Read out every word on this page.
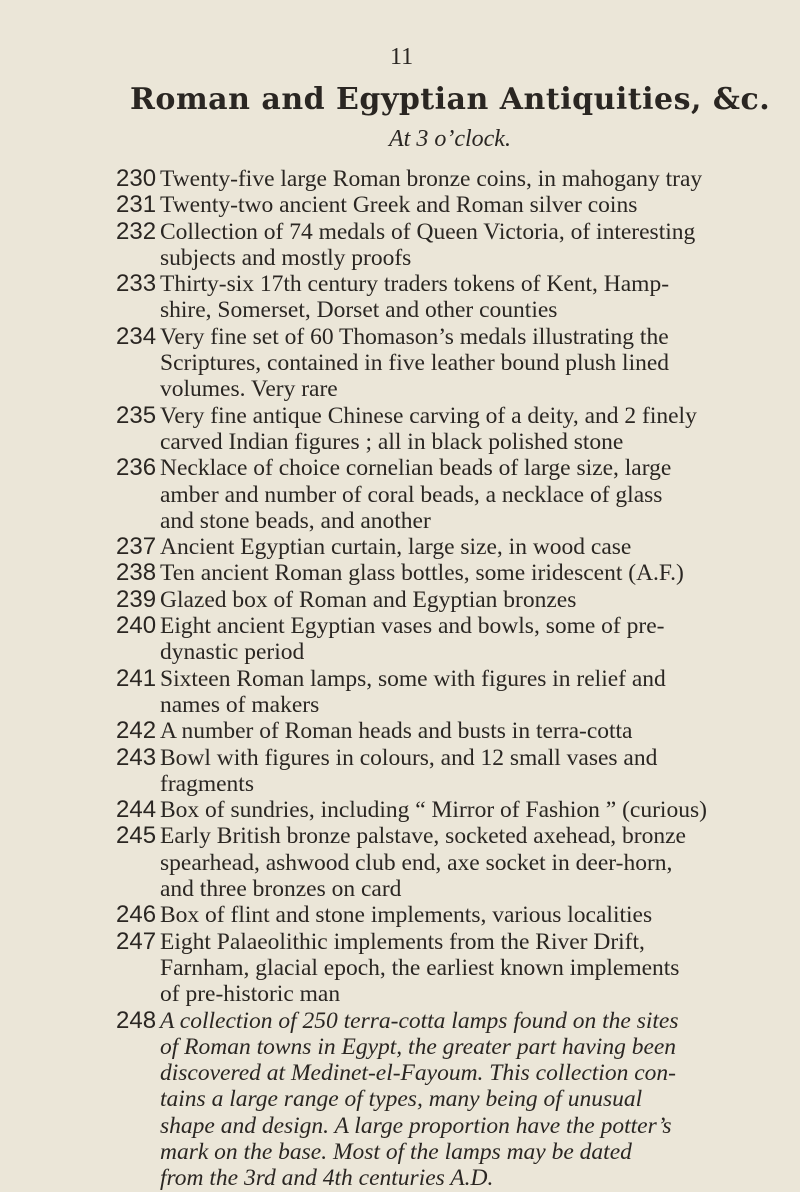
11
Roman and Egyptian Antiquities, &c.
At 3 o’clock.
230 Twenty-five large Roman bronze coins, in mahogany tray
231 Twenty-two ancient Greek and Roman silver coins
232 Collection of 74 medals of Queen Victoria, of interesting
subjects and mostly proofs
233 Thirty-six 17th century traders tokens of Kent, Hamp-
shire, Somerset, Dorset and other counties
234 Very fine set of 60 Thomason’s medals illustrating the
Scriptures, contained in five leather bound plush lined
volumes. Very rare
235 Very fine antique Chinese carving of a deity, and 2 finely
carved Indian figures ; all in black polished stone
236 Necklace of choice cornelian beads of large size, large
amber and number of coral beads, a necklace of glass
and stone beads, and another
237 Ancient Egyptian curtain, large size, in wood case
238 Ten ancient Roman glass bottles, some iridescent (A.F.)
239 Glazed box of Roman and Egyptian bronzes
240 Eight ancient Egyptian vases and bowls, some of pre-
dynastic period
241 Sixteen Roman lamps, some with figures in relief and
names of makers
242 A number of Roman heads and busts in terra-cotta
243 Bowl with figures in colours, and 12 small vases and
fragments
244 Box of sundries, including “ Mirror of Fashion ” (curious)
245 Early British bronze palstave, socketed axehead, bronze
spearhead, ashwood club end, axe socket in deer-horn,
and three bronzes on card
246 Box of flint and stone implements, various localities
247 Eight Palaeolithic implements from the River Drift,
Farnham, glacial epoch, the earliest known implements
of pre-historic man
248 A collection of 250 terra-cotta lamps found on the sites
of Roman towns in Egypt, the greater part having been
discovered at Medinet-el-Fayoum. This collection con-
tains a large range of types, many being of unusual
shape and design. A large proportion have the potter’s
mark on the base. Most of the lamps may be dated
from the 3rd and 4th centuries A.D.
